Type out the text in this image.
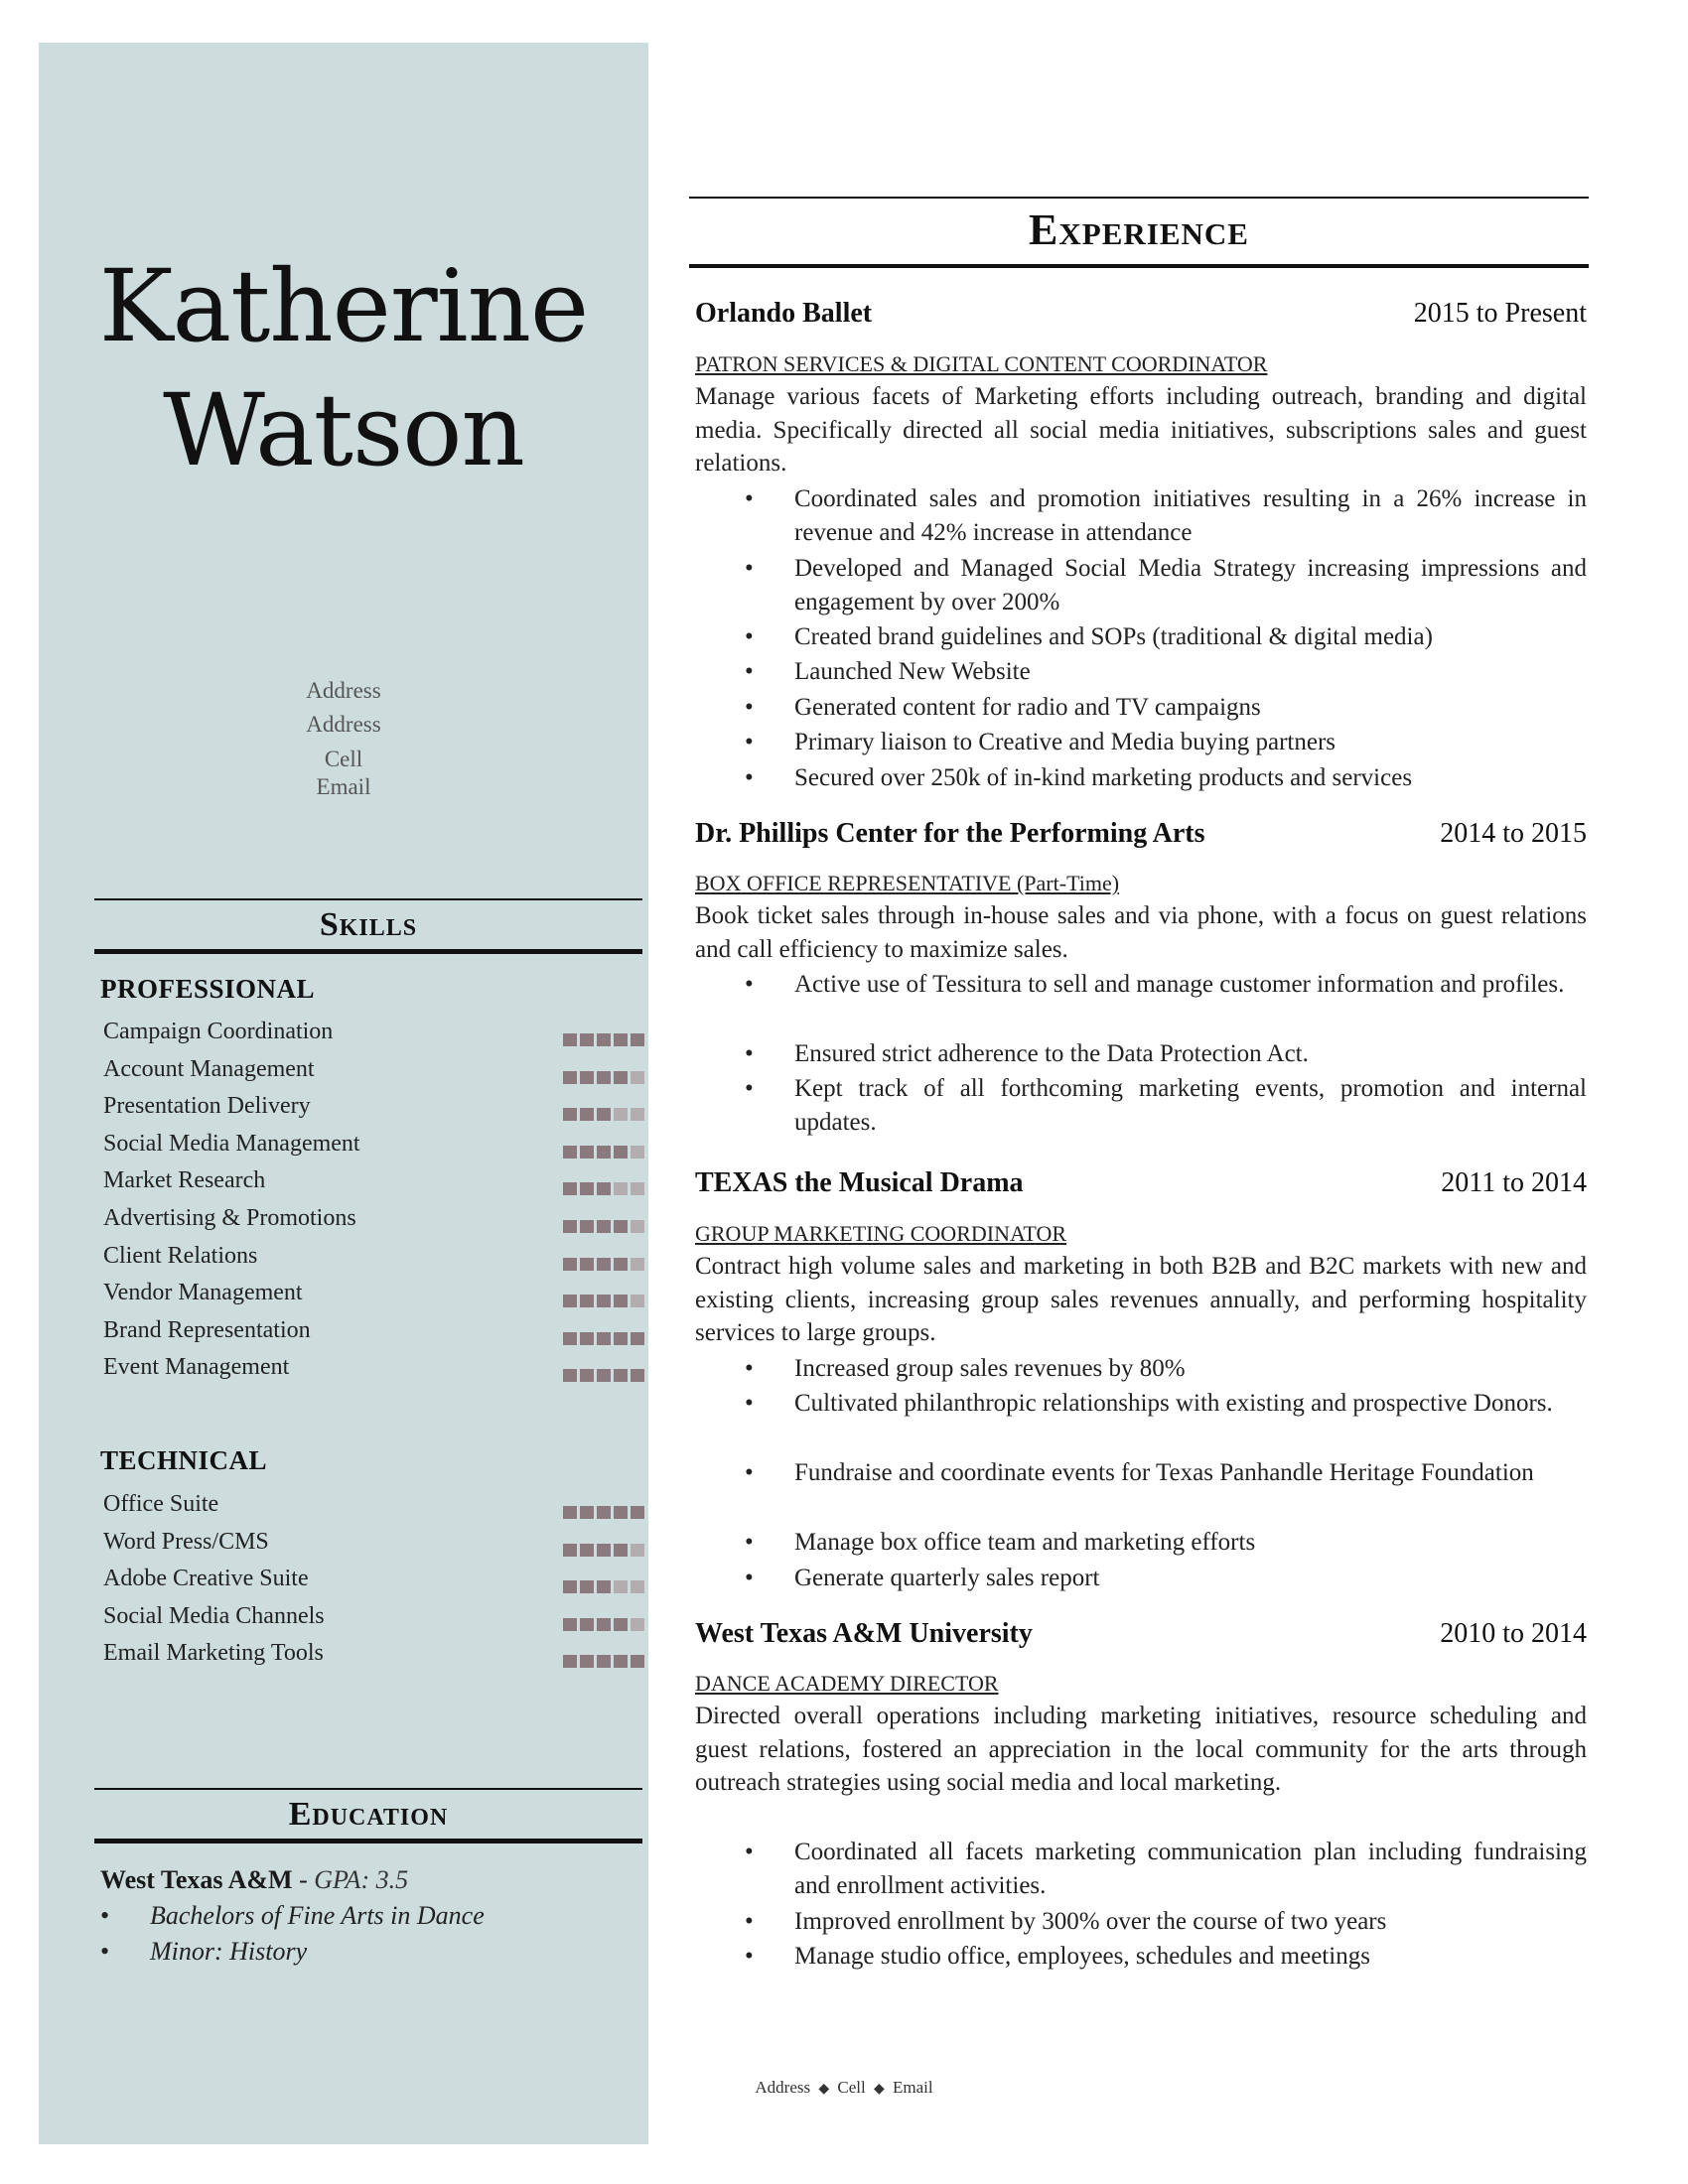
Katherine
Watson
Address
Address
Cell
Email
Skills
PROFESSIONAL
Campaign Coordination
Account Management
Presentation Delivery
Social Media Management
Market Research
Advertising & Promotions
Client Relations
Vendor Management
Brand Representation
Event Management
TECHNICAL
Office Suite
Word Press/CMS
Adobe Creative Suite
Social Media Channels
Email Marketing Tools
Education
West Texas A&M - GPA: 3.5
• Bachelors of Fine Arts in Dance
• Minor: History
Experience
Orlando Ballet	2015 to Present
PATRON SERVICES & DIGITAL CONTENT COORDINATOR
Manage various facets of Marketing efforts including outreach, branding and digital media. Specifically directed all social media initiatives, subscriptions sales and guest relations.
• Coordinated sales and promotion initiatives resulting in a 26% increase in revenue and 42% increase in attendance
• Developed and Managed Social Media Strategy increasing impressions and engagement by over 200%
• Created brand guidelines and SOPs (traditional & digital media)
• Launched New Website
• Generated content for radio and TV campaigns
• Primary liaison to Creative and Media buying partners
• Secured over 250k of in-kind marketing products and services
Dr. Phillips Center for the Performing Arts	2014 to 2015
BOX OFFICE REPRESENTATIVE (Part-Time)
Book ticket sales through in-house sales and via phone, with a focus on guest relations and call efficiency to maximize sales.
• Active use of Tessitura to sell and manage customer information and profiles.
• Ensured strict adherence to the Data Protection Act.
• Kept track of all forthcoming marketing events, promotion and internal updates.
TEXAS the Musical Drama	2011 to 2014
GROUP MARKETING COORDINATOR
Contract high volume sales and marketing in both B2B and B2C markets with new and existing clients, increasing group sales revenues annually, and performing hospitality services to large groups.
• Increased group sales revenues by 80%
• Cultivated philanthropic relationships with existing and prospective Donors.
• Fundraise and coordinate events for Texas Panhandle Heritage Foundation
• Manage box office team and marketing efforts
• Generate quarterly sales report
West Texas A&M University	2010 to 2014
DANCE ACADEMY DIRECTOR
Directed overall operations including marketing initiatives, resource scheduling and guest relations, fostered an appreciation in the local community for the arts through outreach strategies using social media and local marketing.
• Coordinated all facets marketing communication plan including fundraising and enrollment activities.
• Improved enrollment by 300% over the course of two years
• Manage studio office, employees, schedules and meetings
Address ◆ Cell ◆ Email
